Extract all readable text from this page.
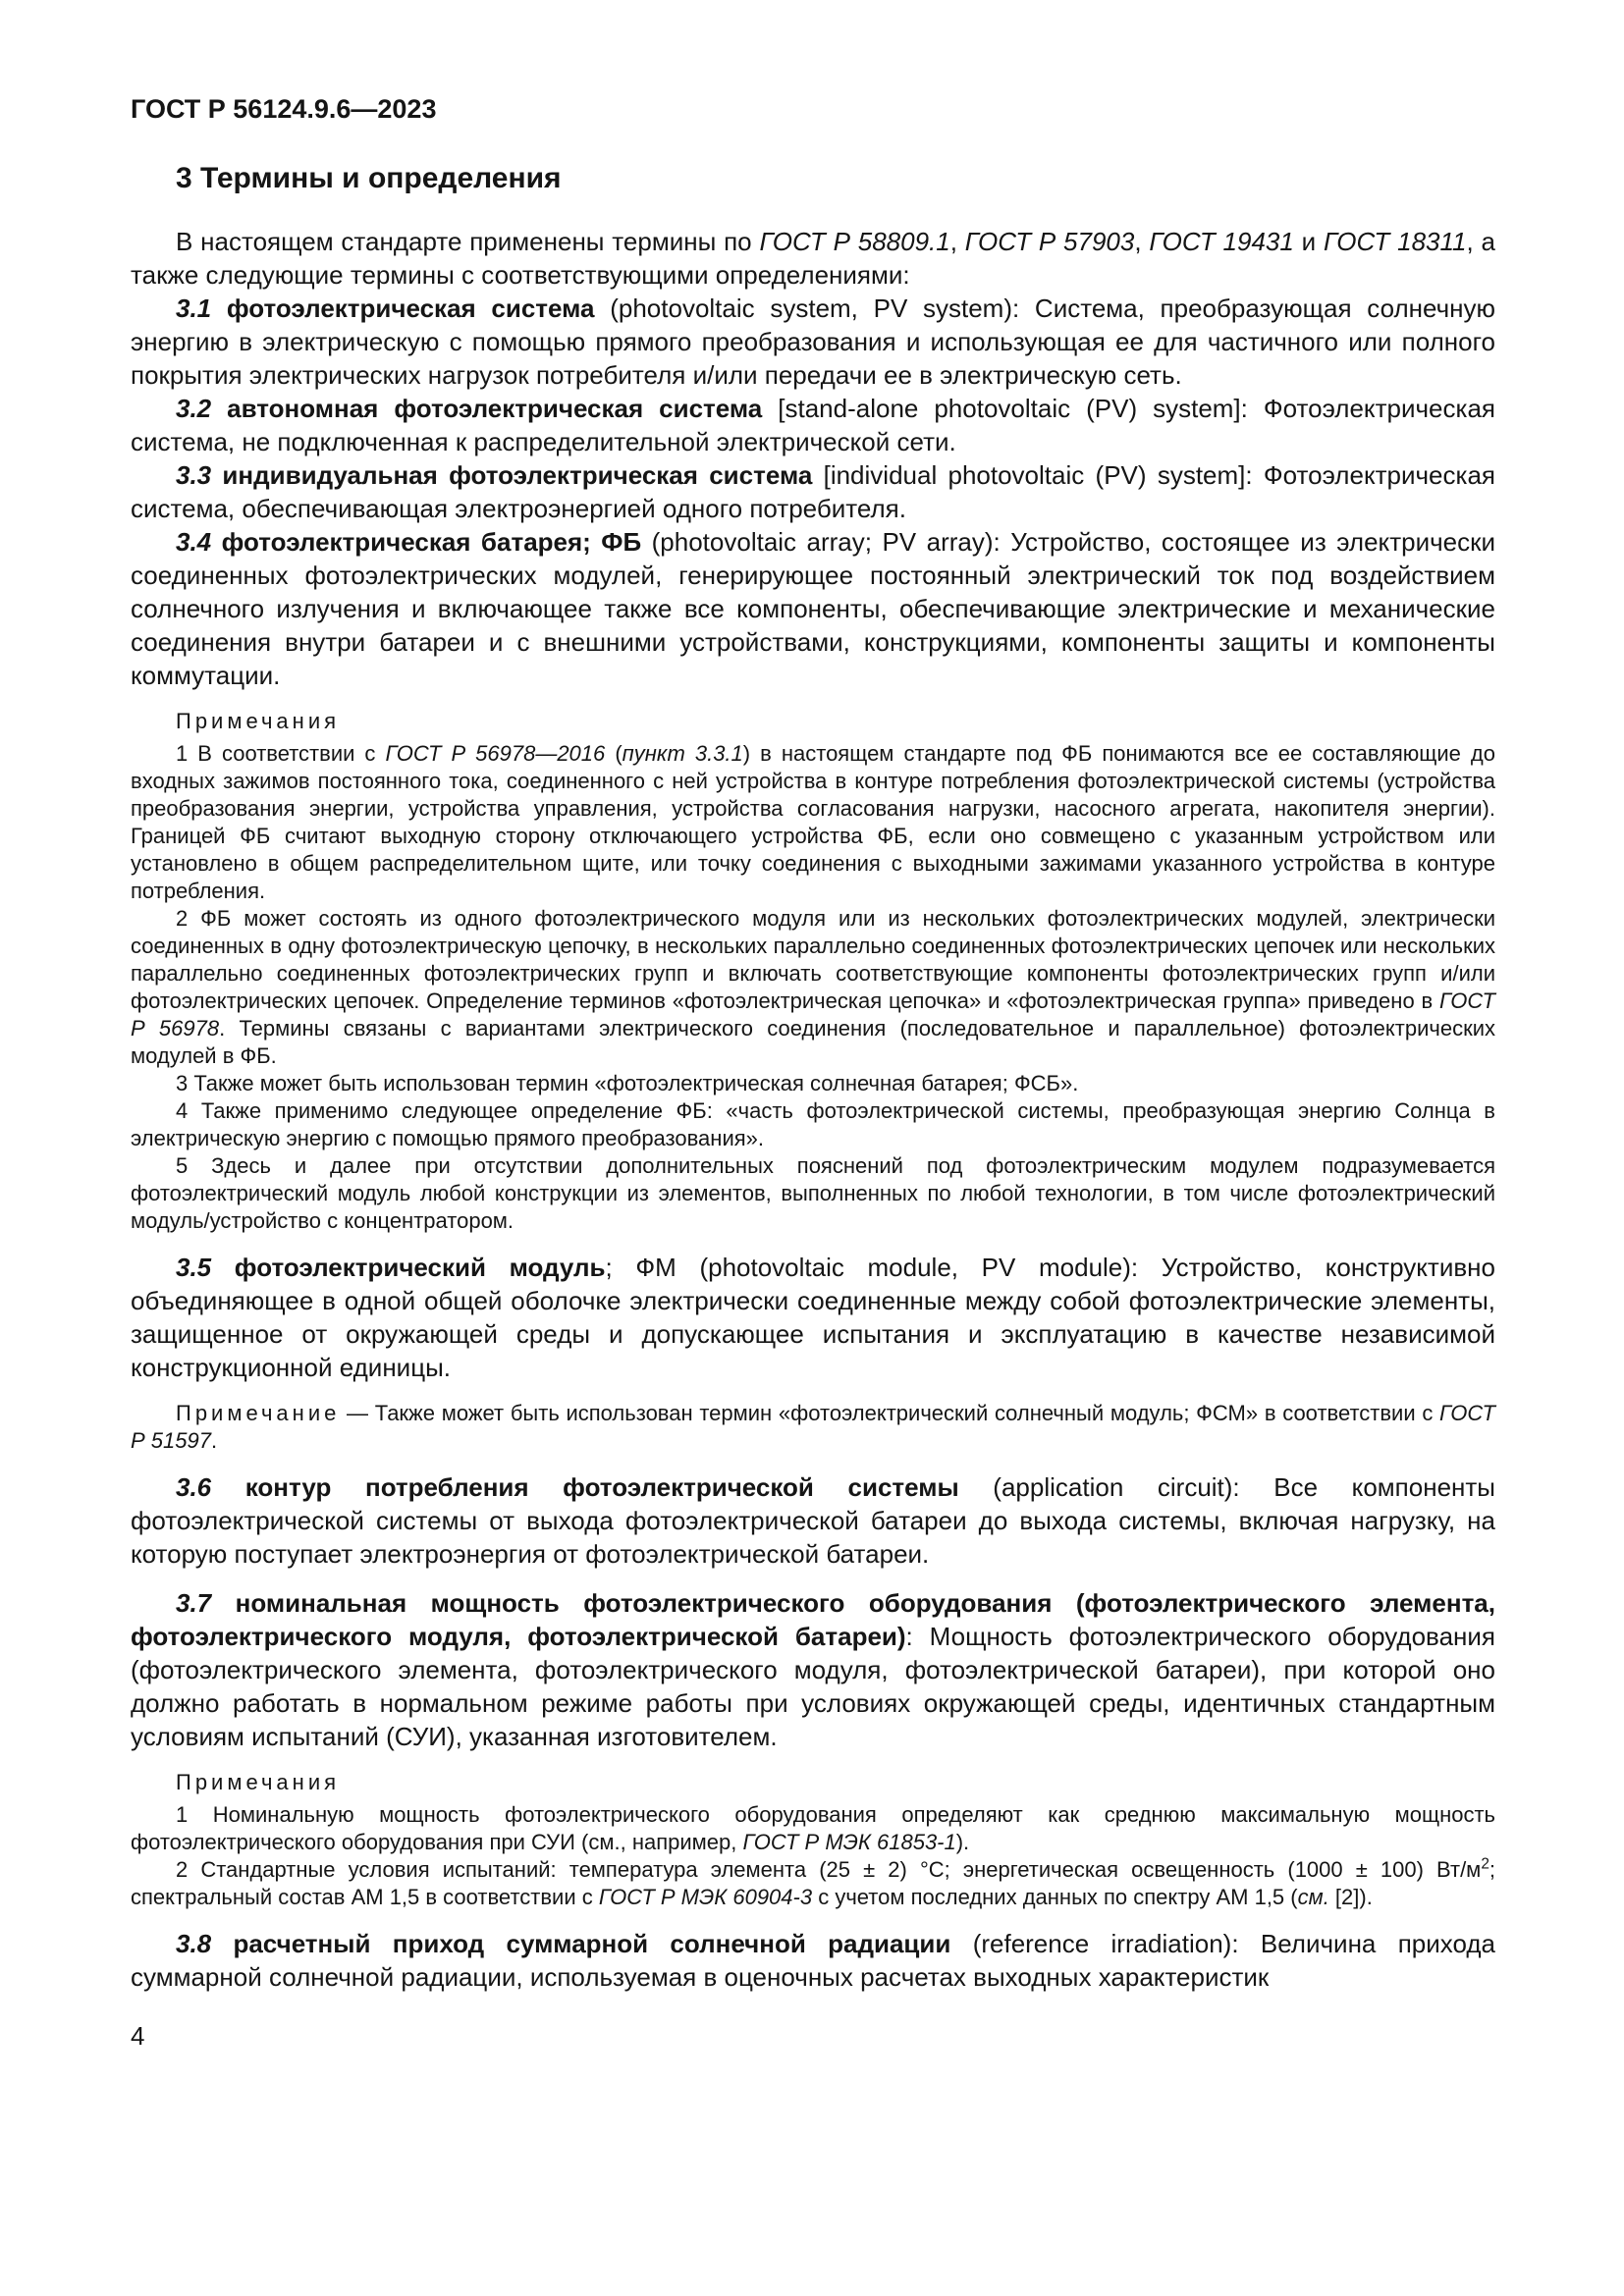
ГОСТ Р 56124.9.6—2023
3 Термины и определения
В настоящем стандарте применены термины по ГОСТ Р 58809.1, ГОСТ Р 57903, ГОСТ 19431 и ГОСТ 18311, а также следующие термины с соответствующими определениями:
3.1 фотоэлектрическая система (photovoltaic system, PV system): Система, преобразующая солнечную энергию в электрическую с помощью прямого преобразования и использующая ее для частичного или полного покрытия электрических нагрузок потребителя и/или передачи ее в электрическую сеть.
3.2 автономная фотоэлектрическая система [stand-alone photovoltaic (PV) system]: Фотоэлектрическая система, не подключенная к распределительной электрической сети.
3.3 индивидуальная фотоэлектрическая система [individual photovoltaic (PV) system]: Фотоэлектрическая система, обеспечивающая электроэнергией одного потребителя.
3.4 фотоэлектрическая батарея; ФБ (photovoltaic array; PV array): Устройство, состоящее из электрически соединенных фотоэлектрических модулей, генерирующее постоянный электрический ток под воздействием солнечного излучения и включающее также все компоненты, обеспечивающие электрические и механические соединения внутри батареи и с внешними устройствами, конструкциями, компоненты защиты и компоненты коммутации.
Примечания
1 В соответствии с ГОСТ Р 56978—2016 (пункт 3.3.1) в настоящем стандарте под ФБ понимаются все ее составляющие до входных зажимов постоянного тока, соединенного с ней устройства в контуре потребления фотоэлектрической системы (устройства преобразования энергии, устройства управления, устройства согласования нагрузки, насосного агрегата, накопителя энергии). Границей ФБ считают выходную сторону отключающего устройства ФБ, если оно совмещено с указанным устройством или установлено в общем распределительном щите, или точку соединения с выходными зажимами указанного устройства в контуре потребления.
2 ФБ может состоять из одного фотоэлектрического модуля или из нескольких фотоэлектрических модулей, электрически соединенных в одну фотоэлектрическую цепочку, в нескольких параллельно соединенных фотоэлектрических цепочек или нескольких параллельно соединенных фотоэлектрических групп и включать соответствующие компоненты фотоэлектрических групп и/или фотоэлектрических цепочек. Определение терминов «фотоэлектрическая цепочка» и «фотоэлектрическая группа» приведено в ГОСТ Р 56978. Термины связаны с вариантами электрического соединения (последовательное и параллельное) фотоэлектрических модулей в ФБ.
3 Также может быть использован термин «фотоэлектрическая солнечная батарея; ФСБ».
4 Также применимо следующее определение ФБ: «часть фотоэлектрической системы, преобразующая энергию Солнца в электрическую энергию с помощью прямого преобразования».
5 Здесь и далее при отсутствии дополнительных пояснений под фотоэлектрическим модулем подразумевается фотоэлектрический модуль любой конструкции из элементов, выполненных по любой технологии, в том числе фотоэлектрический модуль/устройство с концентратором.
3.5 фотоэлектрический модуль; ФМ (photovoltaic module, PV module): Устройство, конструктивно объединяющее в одной общей оболочке электрически соединенные между собой фотоэлектрические элементы, защищенное от окружающей среды и допускающее испытания и эксплуатацию в качестве независимой конструкционной единицы.
Примечание — Также может быть использован термин «фотоэлектрический солнечный модуль; ФСМ» в соответствии с ГОСТ Р 51597.
3.6 контур потребления фотоэлектрической системы (application circuit): Все компоненты фотоэлектрической системы от выхода фотоэлектрической батареи до выхода системы, включая нагрузку, на которую поступает электроэнергия от фотоэлектрической батареи.
3.7 номинальная мощность фотоэлектрического оборудования (фотоэлектрического элемента, фотоэлектрического модуля, фотоэлектрической батареи): Мощность фотоэлектрического оборудования (фотоэлектрического элемента, фотоэлектрического модуля, фотоэлектрической батареи), при которой оно должно работать в нормальном режиме работы при условиях окружающей среды, идентичных стандартным условиям испытаний (СУИ), указанная изготовителем.
Примечания
1 Номинальную мощность фотоэлектрического оборудования определяют как среднюю максимальную мощность фотоэлектрического оборудования при СУИ (см., например, ГОСТ Р МЭК 61853-1).
2 Стандартные условия испытаний: температура элемента (25 ± 2) °С; энергетическая освещенность (1000 ± 100) $Вт/м^2$; спектральный состав АМ 1,5 в соответствии с ГОСТ Р МЭК 60904-3 с учетом последних данных по спектру АМ 1,5 (см. [2]).
3.8 расчетный приход суммарной солнечной радиации (reference irradiation): Величина прихода суммарной солнечной радиации, используемая в оценочных расчетах выходных характеристик
4
